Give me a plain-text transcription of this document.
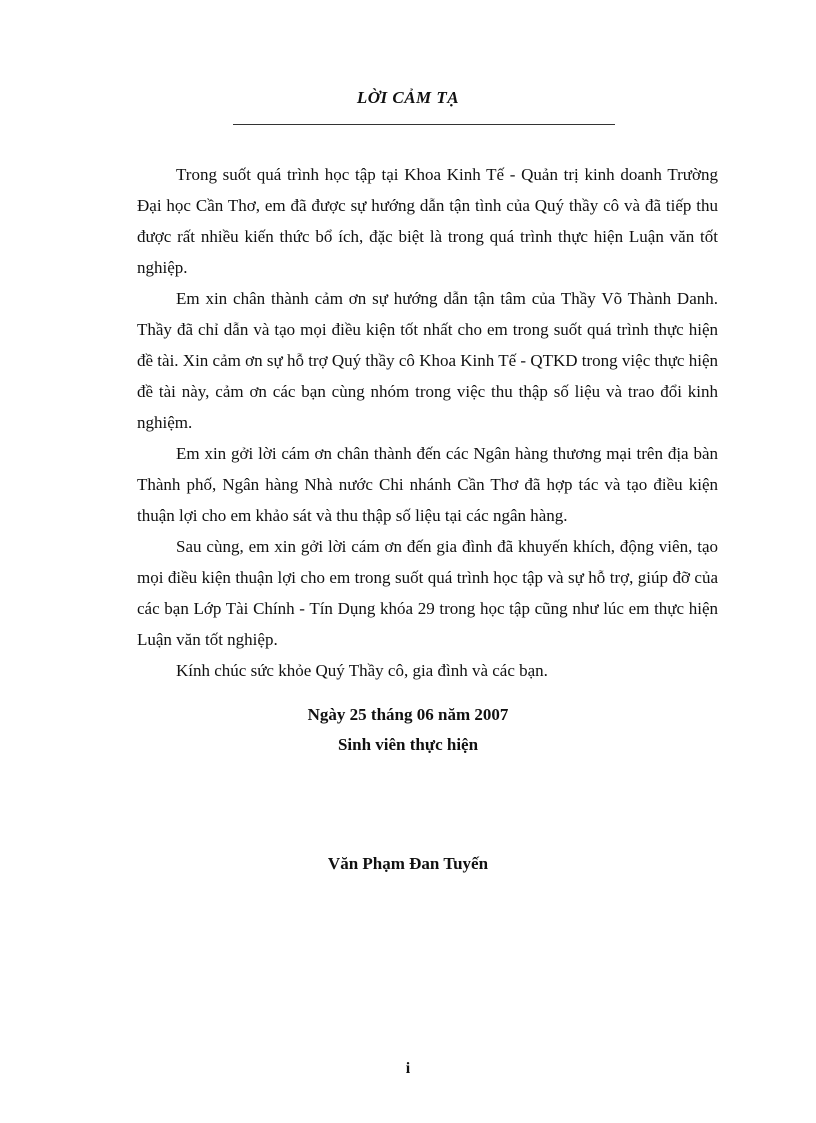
LỜI CẢM TẠ

Trong suốt quá trình học tập tại Khoa Kinh Tế - Quản trị kinh doanh Trường Đại học Cần Thơ, em đã được sự hướng dẫn tận tình của Quý thầy cô và đã tiếp thu được rất nhiều kiến thức bổ ích, đặc biệt là trong quá trình thực hiện Luận văn tốt nghiệp.

Em xin chân thành cảm ơn sự hướng dẫn tận tâm của Thầy Võ Thành Danh. Thầy đã chỉ dẫn và tạo mọi điều kiện tốt nhất cho em trong suốt quá trình thực hiện đề tài. Xin cảm ơn sự hỗ trợ Quý thầy cô Khoa Kinh Tế - QTKD trong việc thực hiện đề tài này, cảm ơn các bạn cùng nhóm trong việc thu thập số liệu và trao đổi kinh nghiệm.

Em xin gởi lời cám ơn chân thành đến các Ngân hàng thương mại trên địa bàn Thành phố, Ngân hàng Nhà nước Chi nhánh Cần Thơ đã hợp tác và tạo điều kiện thuận lợi cho em khảo sát và thu thập số liệu tại các ngân hàng.

Sau cùng, em xin gởi lời cám ơn đến gia đình đã khuyến khích, động viên, tạo mọi điều kiện thuận lợi cho em trong suốt quá trình học tập và sự hỗ trợ, giúp đỡ của các bạn Lớp Tài Chính - Tín Dụng khóa 29 trong học tập cũng như lúc em thực hiện Luận văn tốt nghiệp.

Kính chúc sức khỏe Quý Thầy cô, gia đình và các bạn.

Ngày 25 tháng 06 năm 2007
Sinh viên thực hiện
Văn Phạm Đan Tuyến
i
